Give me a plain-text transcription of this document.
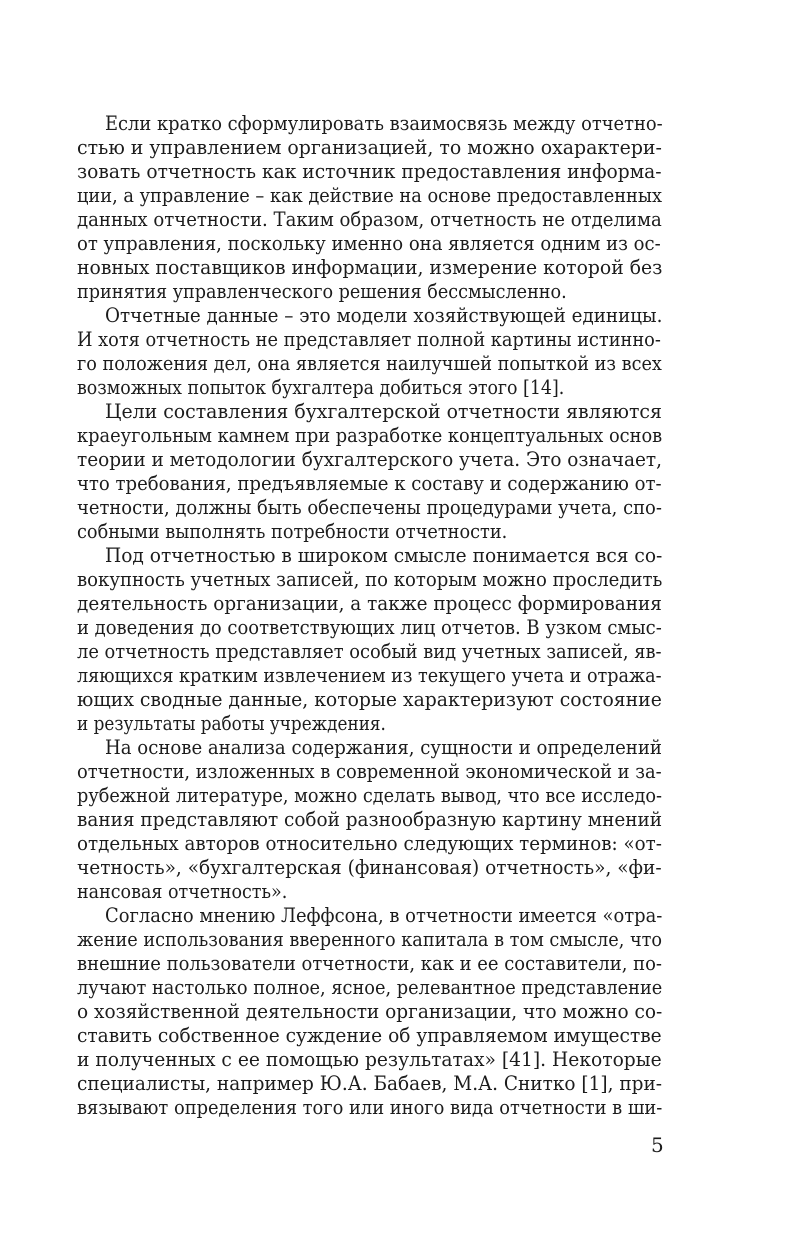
Если кратко сформулировать взаимосвязь между отчетно-
стью и управлением организацией, то можно охарактери-
зовать отчетность как источник предоставления информа-
ции, а управление – как действие на основе предоставленных
данных отчетности. Таким образом, отчетность не отделима
от управления, поскольку именно она является одним из ос-
новных поставщиков информации, измерение которой без
принятия управленческого решения бессмысленно.
Отчетные данные – это модели хозяйствующей единицы.
И хотя отчетность не представляет полной картины истинно-
го положения дел, она является наилучшей попыткой из всех
возможных попыток бухгалтера добиться этого [14].
Цели составления бухгалтерской отчетности являются
краеугольным камнем при разработке концептуальных основ
теории и методологии бухгалтерского учета. Это означает,
что требования, предъявляемые к составу и содержанию от-
четности, должны быть обеспечены процедурами учета, спо-
собными выполнять потребности отчетности.
Под отчетностью в широком смысле понимается вся со-
вокупность учетных записей, по которым можно проследить
деятельность организации, а также процесс формирования
и доведения до соответствующих лиц отчетов. В узком смыс-
ле отчетность представляет особый вид учетных записей, яв-
ляющихся кратким извлечением из текущего учета и отража-
ющих сводные данные, которые характеризуют состояние
и результаты работы учреждения.
На основе анализа содержания, сущности и определений
отчетности, изложенных в современной экономической и за-
рубежной литературе, можно сделать вывод, что все исследо-
вания представляют собой разнообразную картину мнений
отдельных авторов относительно следующих терминов: «от-
четность», «бухгалтерская (финансовая) отчетность», «фи-
нансовая отчетность».
Согласно мнению Леффсона, в отчетности имеется «отра-
жение использования вверенного капитала в том смысле, что
внешние пользователи отчетности, как и ее составители, по-
лучают настолько полное, ясное, релевантное представление
о хозяйственной деятельности организации, что можно со-
ставить собственное суждение об управляемом имуществе
и полученных с ее помощью результатах» [41]. Некоторые
специалисты, например Ю.А. Бабаев, М.А. Снитко [1], при-
вязывают определения того или иного вида отчетности в ши-
5
